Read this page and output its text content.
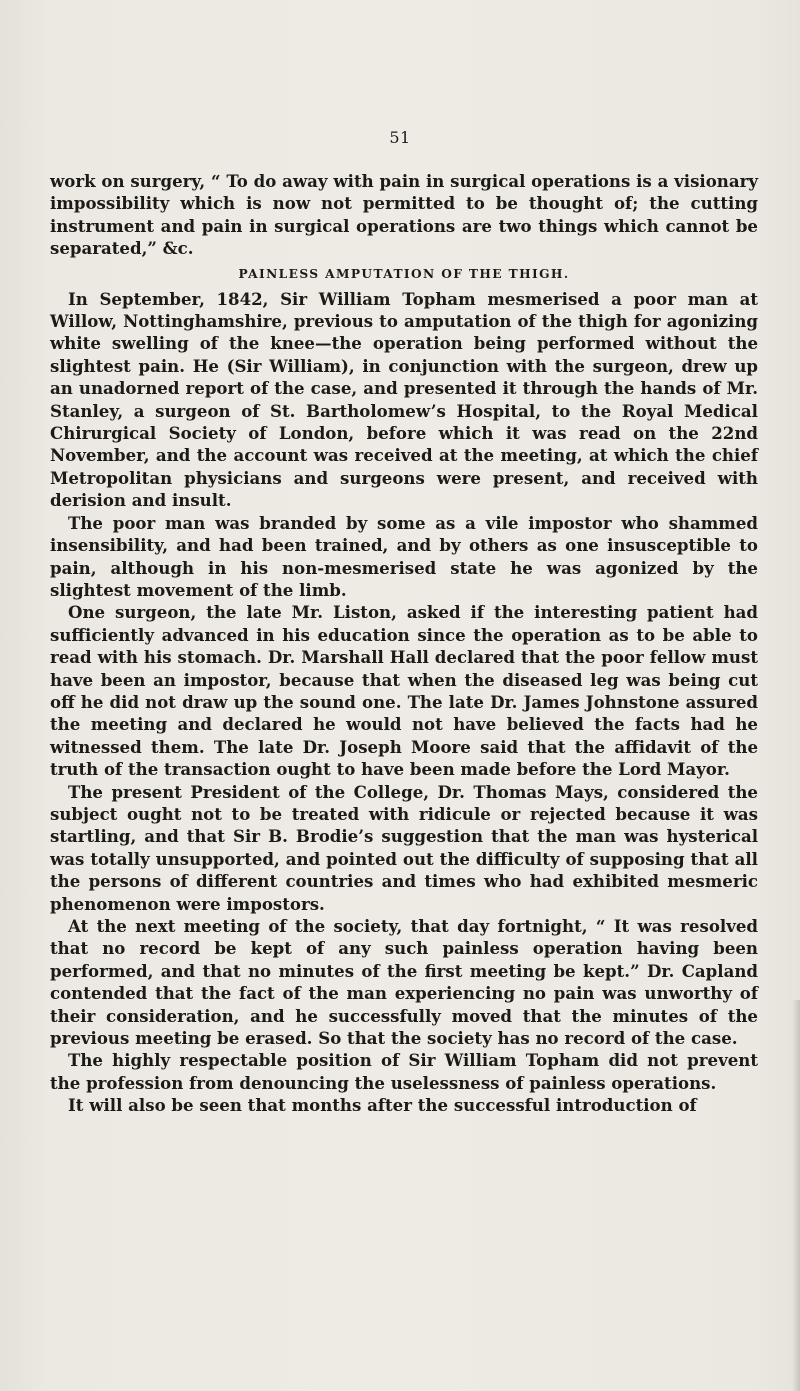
51

work on surgery, “ To do away with pain in surgical operations is a visionary impossibility which is now not permitted to be thought of; the cutting instrument and pain in surgical operations are two things which cannot be separated,” &c.

PAINLESS AMPUTATION OF THE THIGH.

In September, 1842, Sir William Topham mesmerised a poor man at Willow, Nottinghamshire, previous to amputation of the thigh for agonizing white swelling of the knee—the operation being performed without the slightest pain. He (Sir William), in conjunction with the surgeon, drew up an unadorned report of the case, and presented it through the hands of Mr. Stanley, a surgeon of St. Bartholomew’s Hospital, to the Royal Medical Chirurgical Society of London, before which it was read on the 22nd November, and the account was received at the meeting, at which the chief Metropolitan physicians and surgeons were present, and received with derision and insult.

The poor man was branded by some as a vile impostor who shammed insensibility, and had been trained, and by others as one insusceptible to pain, although in his non-mesmerised state he was agonized by the slightest movement of the limb.

One surgeon, the late Mr. Liston, asked if the interesting patient had sufficiently advanced in his education since the operation as to be able to read with his stomach. Dr. Marshall Hall declared that the poor fellow must have been an impostor, because that when the diseased leg was being cut off he did not draw up the sound one. The late Dr. James Johnstone assured the meeting and declared he would not have believed the facts had he witnessed them. The late Dr. Joseph Moore said that the affidavit of the truth of the transaction ought to have been made before the Lord Mayor.

The present President of the College, Dr. Thomas Mays, considered the subject ought not to be treated with ridicule or rejected because it was startling, and that Sir B. Brodie’s suggestion that the man was hysterical was totally unsupported, and pointed out the difficulty of supposing that all the persons of different countries and times who had exhibited mesmeric phenomenon were impostors.

At the next meeting of the society, that day fortnight, “ It was resolved that no record be kept of any such painless operation having been performed, and that no minutes of the first meeting be kept.” Dr. Capland contended that the fact of the man experiencing no pain was unworthy of their consideration, and he successfully moved that the minutes of the previous meeting be erased. So that the society has no record of the case.

The highly respectable position of Sir William Topham did not prevent the profession from denouncing the uselessness of painless operations.

It will also be seen that months after the successful introduction of
